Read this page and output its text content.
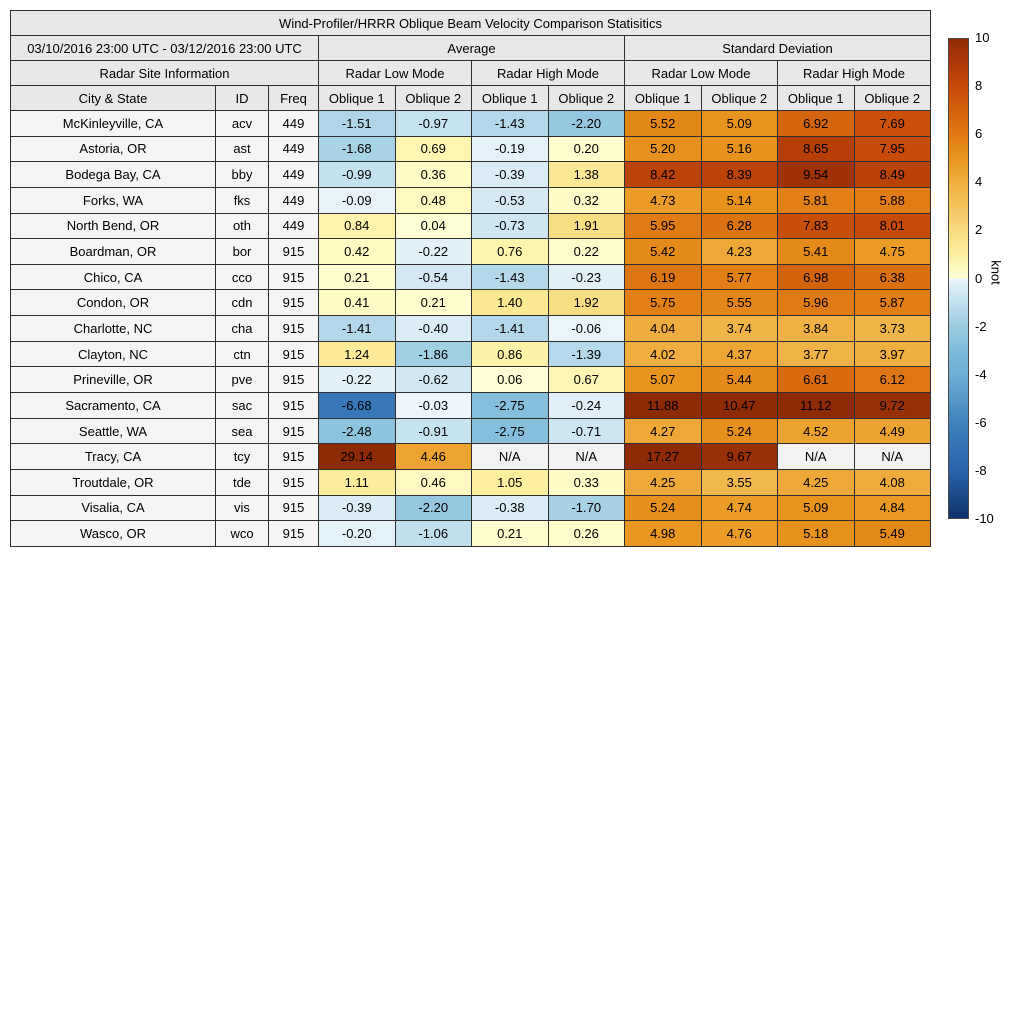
Wind-Profiler/HRRR Oblique Beam Velocity Comparison Statisitics										
03/10/2016 23:00 UTC - 03/12/2016 23:00 UTC			Average				Standard Deviation			
Radar Site Information			Radar Low Mode		Radar High Mode		Radar Low Mode		Radar High Mode	
City & State	ID	Freq	Oblique 1	Oblique 2	Oblique 1	Oblique 2	Oblique 1	Oblique 2	Oblique 1	Oblique 2
McKinleyville, CA	acv	449	-1.51	-0.97	-1.43	-2.20	5.52	5.09	6.92	7.69
Astoria, OR	ast	449	-1.68	0.69	-0.19	0.20	5.20	5.16	8.65	7.95
Bodega Bay, CA	bby	449	-0.99	0.36	-0.39	1.38	8.42	8.39	9.54	8.49
Forks, WA	fks	449	-0.09	0.48	-0.53	0.32	4.73	5.14	5.81	5.88
North Bend, OR	oth	449	0.84	0.04	-0.73	1.91	5.95	6.28	7.83	8.01
Boardman, OR	bor	915	0.42	-0.22	0.76	0.22	5.42	4.23	5.41	4.75
Chico, CA	cco	915	0.21	-0.54	-1.43	-0.23	6.19	5.77	6.98	6.38
Condon, OR	cdn	915	0.41	0.21	1.40	1.92	5.75	5.55	5.96	5.87
Charlotte, NC	cha	915	-1.41	-0.40	-1.41	-0.06	4.04	3.74	3.84	3.73
Clayton, NC	ctn	915	1.24	-1.86	0.86	-1.39	4.02	4.37	3.77	3.97
Prineville, OR	pve	915	-0.22	-0.62	0.06	0.67	5.07	5.44	6.61	6.12
Sacramento, CA	sac	915	-6.68	-0.03	-2.75	-0.24	11.88	10.47	11.12	9.72
Seattle, WA	sea	915	-2.48	-0.91	-2.75	-0.71	4.27	5.24	4.52	4.49
Tracy, CA	tcy	915	29.14	4.46	N/A	N/A	17.27	9.67	N/A	N/A
Troutdale, OR	tde	915	1.11	0.46	1.05	0.33	4.25	3.55	4.25	4.08
Visalia, CA	vis	915	-0.39	-2.20	-0.38	-1.70	5.24	4.74	5.09	4.84
Wasco, OR	wco	915	-0.20	-1.06	0.21	0.26	4.98	4.76	5.18	5.49
10
8
6
4
2
0
-2
-4
-6
-8
-10
knot
